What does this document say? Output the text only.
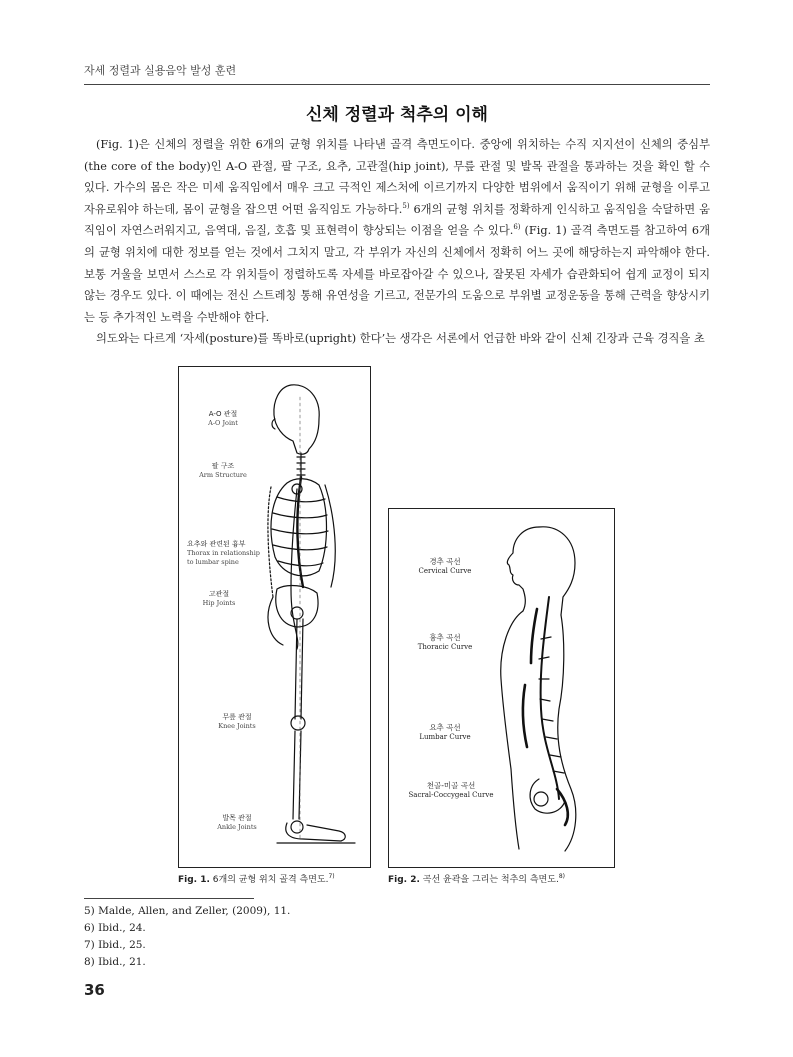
자세 정렬과 실용음악 발성 훈련
신체 정렬과 척추의 이해

(Fig. 1)은 신체의 정렬을 위한 6개의 균형 위치를 나타낸 골격 측면도이다. 중앙에 위치하는 수직 지지선이 신체의 중심부(the core of the body)인 A-O 관절, 팔 구조, 요추, 고관절(hip joint), 무릎 관절 및 발목 관절을 통과하는 것을 확인 할 수 있다. 가수의 몸은 작은 미세 움직임에서 매우 크고 극적인 제스처에 이르기까지 다양한 범위에서 움직이기 위해 균형을 이루고 자유로워야 하는데, 몸이 균형을 잡으면 어떤 움직임도 가능하다.$^{5)}$ 6개의 균형 위치를 정확하게 인식하고 움직임을 숙달하면 움직임이 자연스러워지고, 음역대, 음질, 호흡 및 표현력이 향상되는 이점을 얻을 수 있다.$^{6)}$ (Fig. 1) 골격 측면도를 참고하여 6개의 균형 위치에 대한 정보를 얻는 것에서 그치지 말고, 각 부위가 자신의 신체에서 정확히 어느 곳에 해당하는지 파악해야 한다. 보통 거울을 보면서 스스로 각 위치들이 정렬하도록 자세를 바로잡아갈 수 있으나, 잘못된 자세가 습관화되어 쉽게 교정이 되지 않는 경우도 있다. 이 때에는 전신 스트레칭 통해 유연성을 기르고, 전문가의 도움으로 부위별 교정운동을 통해 근력을 향상시키는 등 추가적인 노력을 수반해야 한다.

의도와는 다르게 ‘자세(posture)를 똑바로(upright) 한다’는 생각은 서론에서 언급한 바와 같이 신체 긴장과 근육 경직을 초

A-O 관절
A-O Joint
팔 구조
Arm Structure
요추와 관련된 흉부
Thorax in relationship
to lumbar spine
고관절
Hip Joints
무릎 관절
Knee Joints
발목 관절
Ankle Joints
경추 곡선
Cervical Curve
흉추 곡선
Thoracic Curve
요추 곡선
Lumbar Curve
천골-미골 곡선
Sacral-Coccygeal Curve
Fig. 1. 6개의 균형 위치 골격 측면도.$^{7)}$	Fig. 2. 곡선 윤곽을 그리는 척추의 측면도.$^{8)}$
5) Malde, Allen, and Zeller, (2009), 11.
6) Ibid., 24.
7) Ibid., 25.
8) Ibid., 21.
36
